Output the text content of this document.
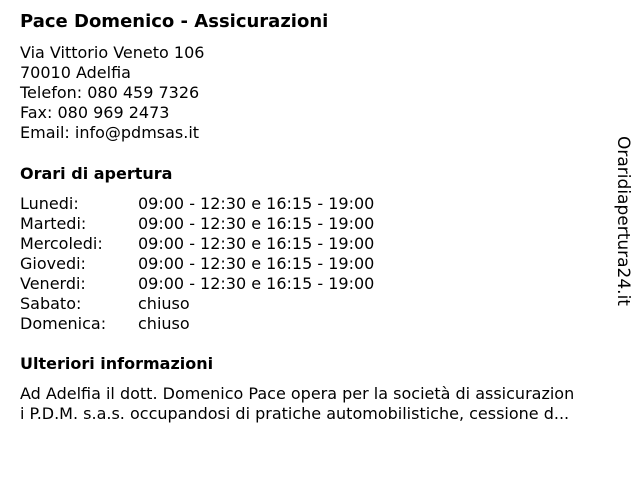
Pace Domenico - Assicurazioni
Via Vittorio Veneto 106
70010 Adelfia
Telefon: 080 459 7326
Fax: 080 969 2473
Email: info@pdmsas.it
Orari di apertura
Lunedi:	09:00 - 12:30 e 16:15 - 19:00
Martedi:	09:00 - 12:30 e 16:15 - 19:00
Mercoledi: 09:00 - 12:30 e 16:15 - 19:00
Giovedi:	09:00 - 12:30 e 16:15 - 19:00
Venerdi:	09:00 - 12:30 e 16:15 - 19:00
Sabato:	chiuso
Domenica: chiuso
Ulteriori informazioni
Ad Adelfia il dott. Domenico Pace opera per la società di assicurazion
i P.D.M. s.a.s. occupandosi di pratiche automobilistiche, cessione d...
Oraridiapertura24.it
